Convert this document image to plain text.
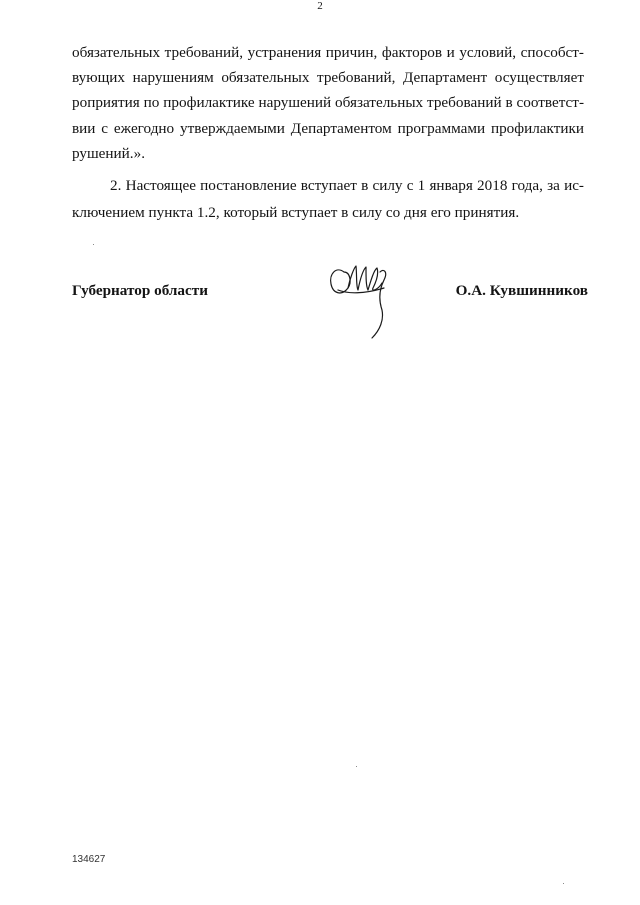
2
обязательных требований, устранения причин, факторов и условий, способст-
вующих нарушениям обязательных требований, Департамент осуществляет
роприятия по профилактике нарушений обязательных требований в соответст-
вии с ежегодно утверждаемыми Департаментом программами профилактики
рушений.».
2. Настоящее постановление вступает в силу с 1 января 2018 года, за ис-
ключением пункта 1.2, который вступает в силу со дня его принятия.
Губернатор области	О.А. Кувшинников
134627
